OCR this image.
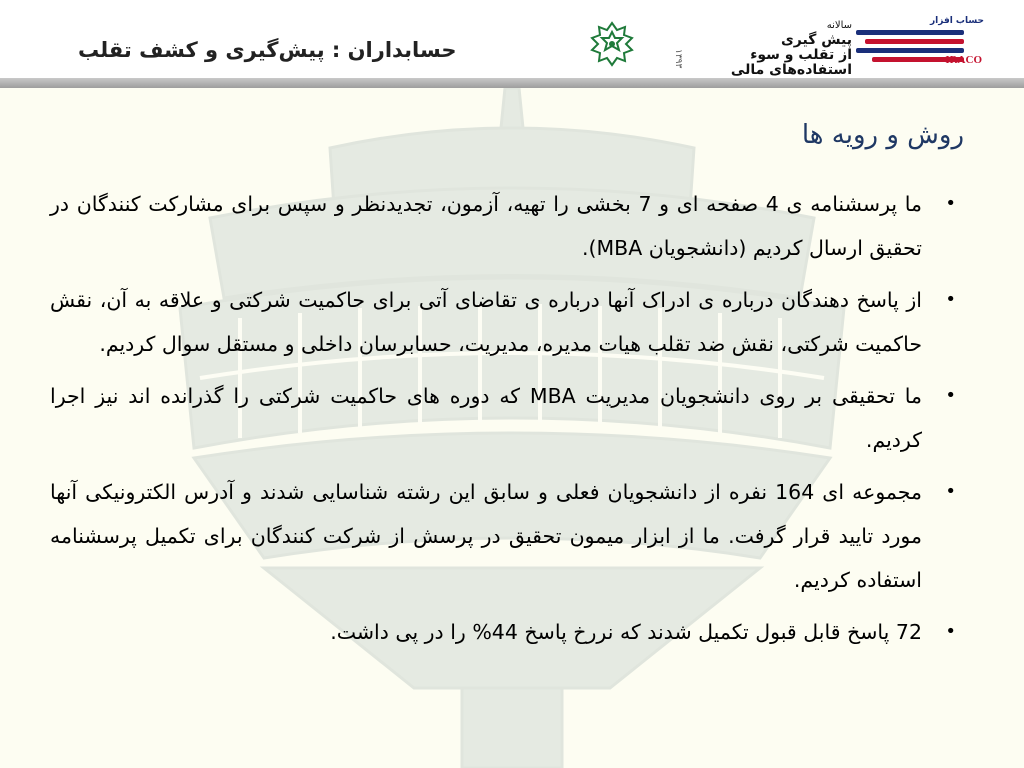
حسابداران : پیش‌گیری و کشف تقلب	۱۳۹۳
سالانه
پیش گیری
از تقلب و سوء
استفاده‌های مالی
حساب افزار
IRACO
روش و رویه ها
•
ما پرسشنامه ی 4 صفحه ای و 7 بخشی را تهیه، آزمون، تجدیدنظر و سپس برای مشارکت کنندگان در تحقیق ارسال کردیم (دانشجویان MBA).
•
از پاسخ دهندگان درباره ی ادراک آنها درباره ی تقاضای آتی برای حاکمیت شرکتی و علاقه به آن، نقش حاکمیت شرکتی، نقش ضد تقلب هیات مدیره، مدیریت، حسابرسان داخلی و مستقل سوال کردیم.
•
ما تحقیقی بر روی دانشجویان مدیریت MBA که دوره های حاکمیت شرکتی را گذرانده اند نیز اجرا کردیم.
•
مجموعه ای 164 نفره از دانشجویان فعلی و سابق این رشته شناسایی شدند و آدرس الکترونیکی آنها مورد تایید قرار گرفت. ما از ابزار میمون تحقیق در پرسش از شرکت کنندگان برای تکمیل پرسشنامه استفاده کردیم.
•
72 پاسخ قابل قبول تکمیل شدند که نررخ پاسخ 44% را در پی داشت.
